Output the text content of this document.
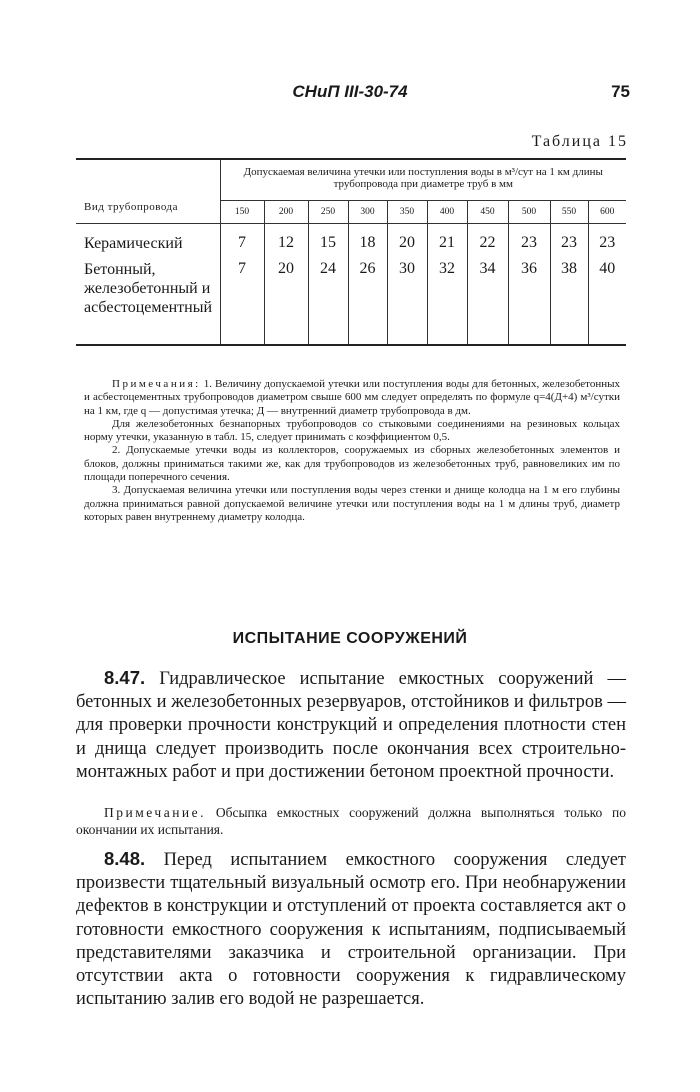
СНиП III-30-74	75
Таблица 15
Вид трубопровода	Допускаемая величина утечки или поступления воды в м³/сут на 1 км длины трубопровода при диаметре труб в мм									
	150	200	250	300	350	400	450	500	550	600
Керамический	7	12	15	18	20	21	22	23	23	23
Бетонный, железобетонный и асбестоцементный	7	20	24	26	30	32	34	36	38	40

Примечания: 1. Величину допускаемой утечки или поступления воды для бетонных, железобетонных и асбестоцементных трубопроводов диаметром свыше 600 мм следует определять по формуле q=4(Д+4) м³/сутки на 1 км, где q — допустимая утечка; Д — внутренний диаметр трубопровода в дм.

Для железобетонных безнапорных трубопроводов со стыковыми соединениями на резиновых кольцах норму утечки, указанную в табл. 15, следует принимать с коэффициентом 0,5.

2. Допускаемые утечки воды из коллекторов, сооружаемых из сборных железобетонных элементов и блоков, должны приниматься такими же, как для трубопроводов из железобетонных труб, равновеликих им по площади поперечного сечения.

3. Допускаемая величина утечки или поступления воды через стенки и днище колодца на 1 м его глубины должна приниматься равной допускаемой величине утечки или поступления воды на 1 м длины труб, диаметр которых равен внутреннему диаметру колодца.

ИСПЫТАНИЕ СООРУЖЕНИЙ

8.47. Гидравлическое испытание емкостных сооружений — бетонных и железобетонных резервуаров, отстойников и фильтров — для проверки прочности конструкций и определения плотности стен и днища следует производить после окончания всех строительно-монтажных работ и при достижении бетоном проектной прочности.

Примечание. Обсыпка емкостных сооружений должна выполняться только по окончании их испытания.

8.48. Перед испытанием емкостного сооружения следует произвести тщательный визуальный осмотр его. При необнаружении дефектов в конструкции и отступлений от проекта составляется акт о готовности емкостного сооружения к испытаниям, подписываемый представителями заказчика и строительной организации. При отсутствии акта о готовности сооружения к гидравлическому испытанию залив его водой не разрешается.
